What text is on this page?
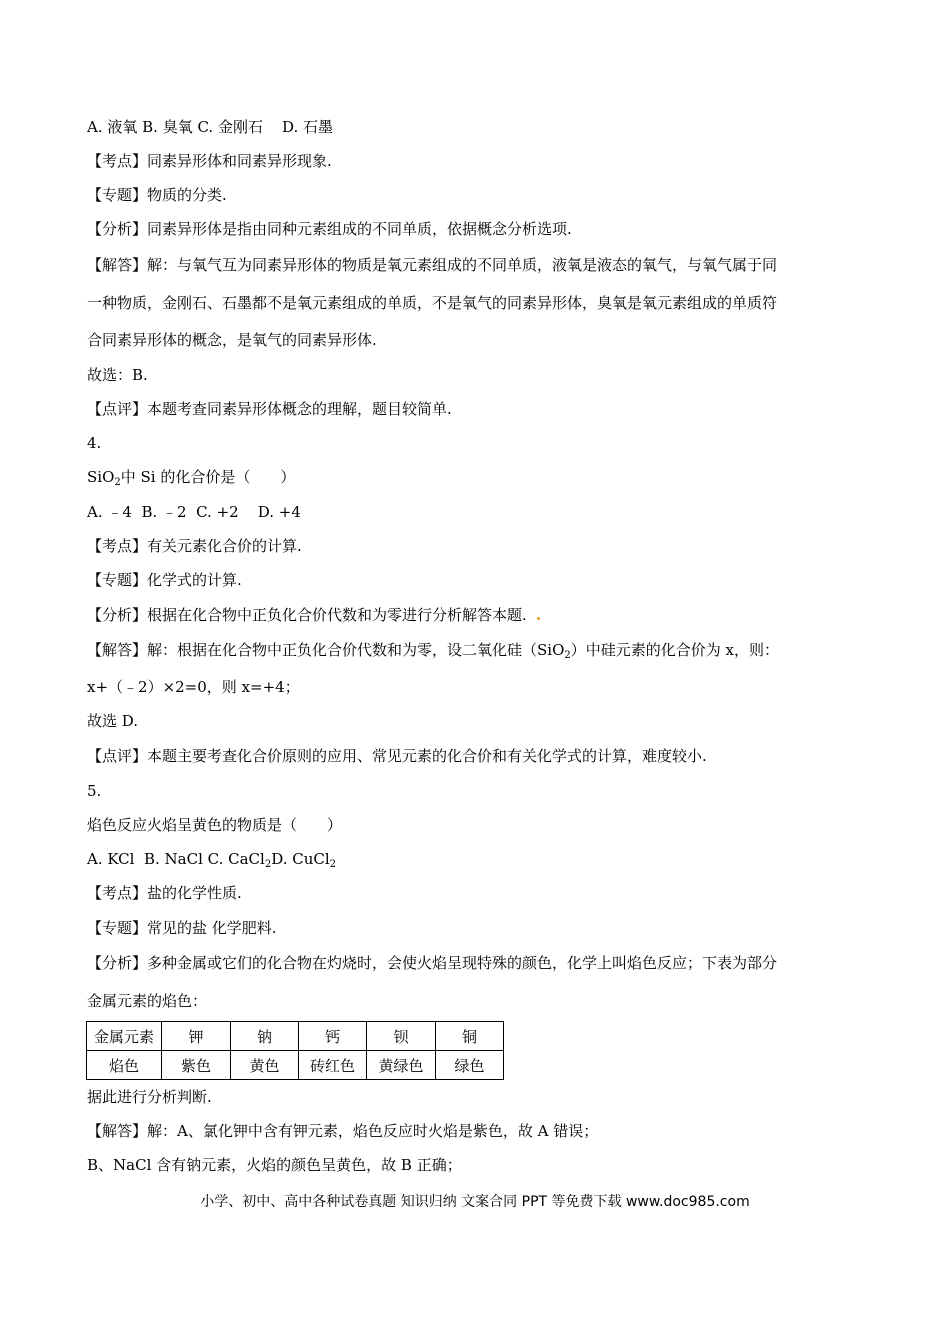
A. 液氧 B. 臭氧 C. 金刚石    D. 石墨
【考点】同素异形体和同素异形现象.
【专题】物质的分类.
【分析】同素异形体是指由同种元素组成的不同单质，依据概念分析选项.
【解答】解：与氧气互为同素异形体的物质是氧元素组成的不同单质，液氧是液态的氧气，与氧气属于同
一种物质，金刚石、石墨都不是氧元素组成的单质，不是氧气的同素异形体，臭氧是氧元素组成的单质符
合同素异形体的概念，是氧气的同素异形体.
故选：B.
【点评】本题考查同素异形体概念的理解，题目较简单.
4.
SiO$_2$中 Si 的化合价是（　　）
A. ﹣4  B. ﹣2  C. +2    D. +4
【考点】有关元素化合价的计算.
【专题】化学式的计算.
【分析】根据在化合物中正负化合价代数和为零进行分析解答本题.
【解答】解：根据在化合物中正负化合价代数和为零，设二氧化硅（SiO$_2$）中硅元素的化合价为 x，则：
x+（﹣2）×2=0，则 x=+4；
故选 D.
【点评】本题主要考查化合价原则的应用、常见元素的化合价和有关化学式的计算，难度较小.
5.
焰色反应火焰呈黄色的物质是（　　）
A. KCl  B. NaCl C. CaCl$_2$D. CuCl$_2$
【考点】盐的化学性质.
【专题】常见的盐 化学肥料.
【分析】多种金属或它们的化合物在灼烧时，会使火焰呈现特殊的颜色，化学上叫焰色反应；下表为部分
金属元素的焰色：
金属元素	钾	钠	钙	钡	铜
焰色	紫色	黄色	砖红色	黄绿色	绿色
据此进行分析判断.
【解答】解：A、氯化钾中含有钾元素，焰色反应时火焰是紫色，故 A 错误；
B、NaCl 含有钠元素，火焰的颜色呈黄色，故 B 正确；
小学、初中、高中各种试卷真题 知识归纳 文案合同 PPT 等免费下载 www.doc985.com
